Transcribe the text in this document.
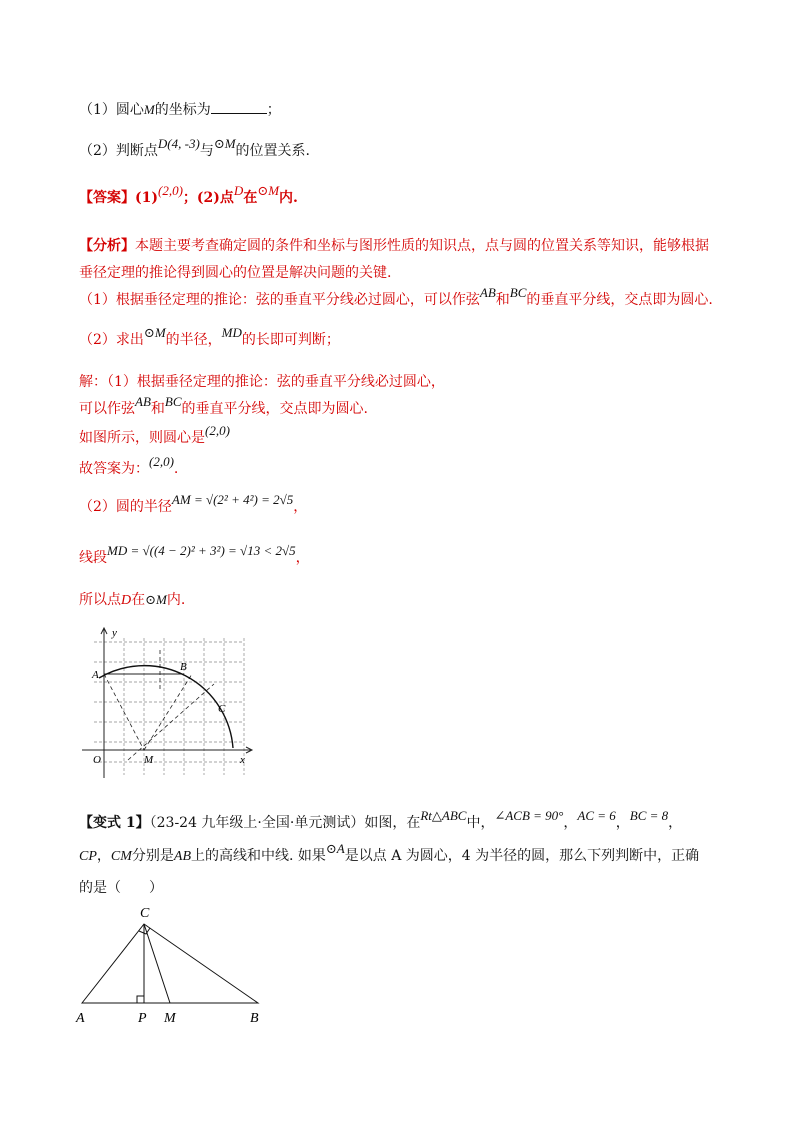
（1）圆心M的坐标为	；
（2）判断点D(4, -3)与⊙M的位置关系.
【答案】(1)(2,0)；(2)点D在⊙M内.
【分析】本题主要考查确定圆的条件和坐标与图形性质的知识点，点与圆的位置关系等知识，能够根据
垂径定理的推论得到圆心的位置是解决问题的关键.
（1）根据垂径定理的推论：弦的垂直平分线必过圆心，可以作弦AB和BC的垂直平分线，交点即为圆心.
（2）求出⊙M的半径，MD的长即可判断；
解：（1）根据垂径定理的推论：弦的垂直平分线必过圆心，
可以作弦AB和BC的垂直平分线，交点即为圆心.
如图所示，则圆心是(2,0)
故答案为：(2,0).
（2）圆的半径AM = √(2² + 4²) = 2√5，
线段MD = √((4 − 2)² + 3²) = √13 < 2√5，
所以点D在⊙M内.
y
x
O	M
A
B
C
【变式 1】（23-24 九年级上·全国·单元测试）如图，在Rt△ABC中，∠ACB = 90°，AC = 6，BC = 8，
CP，CM分别是AB上的高线和中线. 如果⊙A是以点 A 为圆心，4 为半径的圆，那么下列判断中，正确
的是（　　）
C
A	P M	B
